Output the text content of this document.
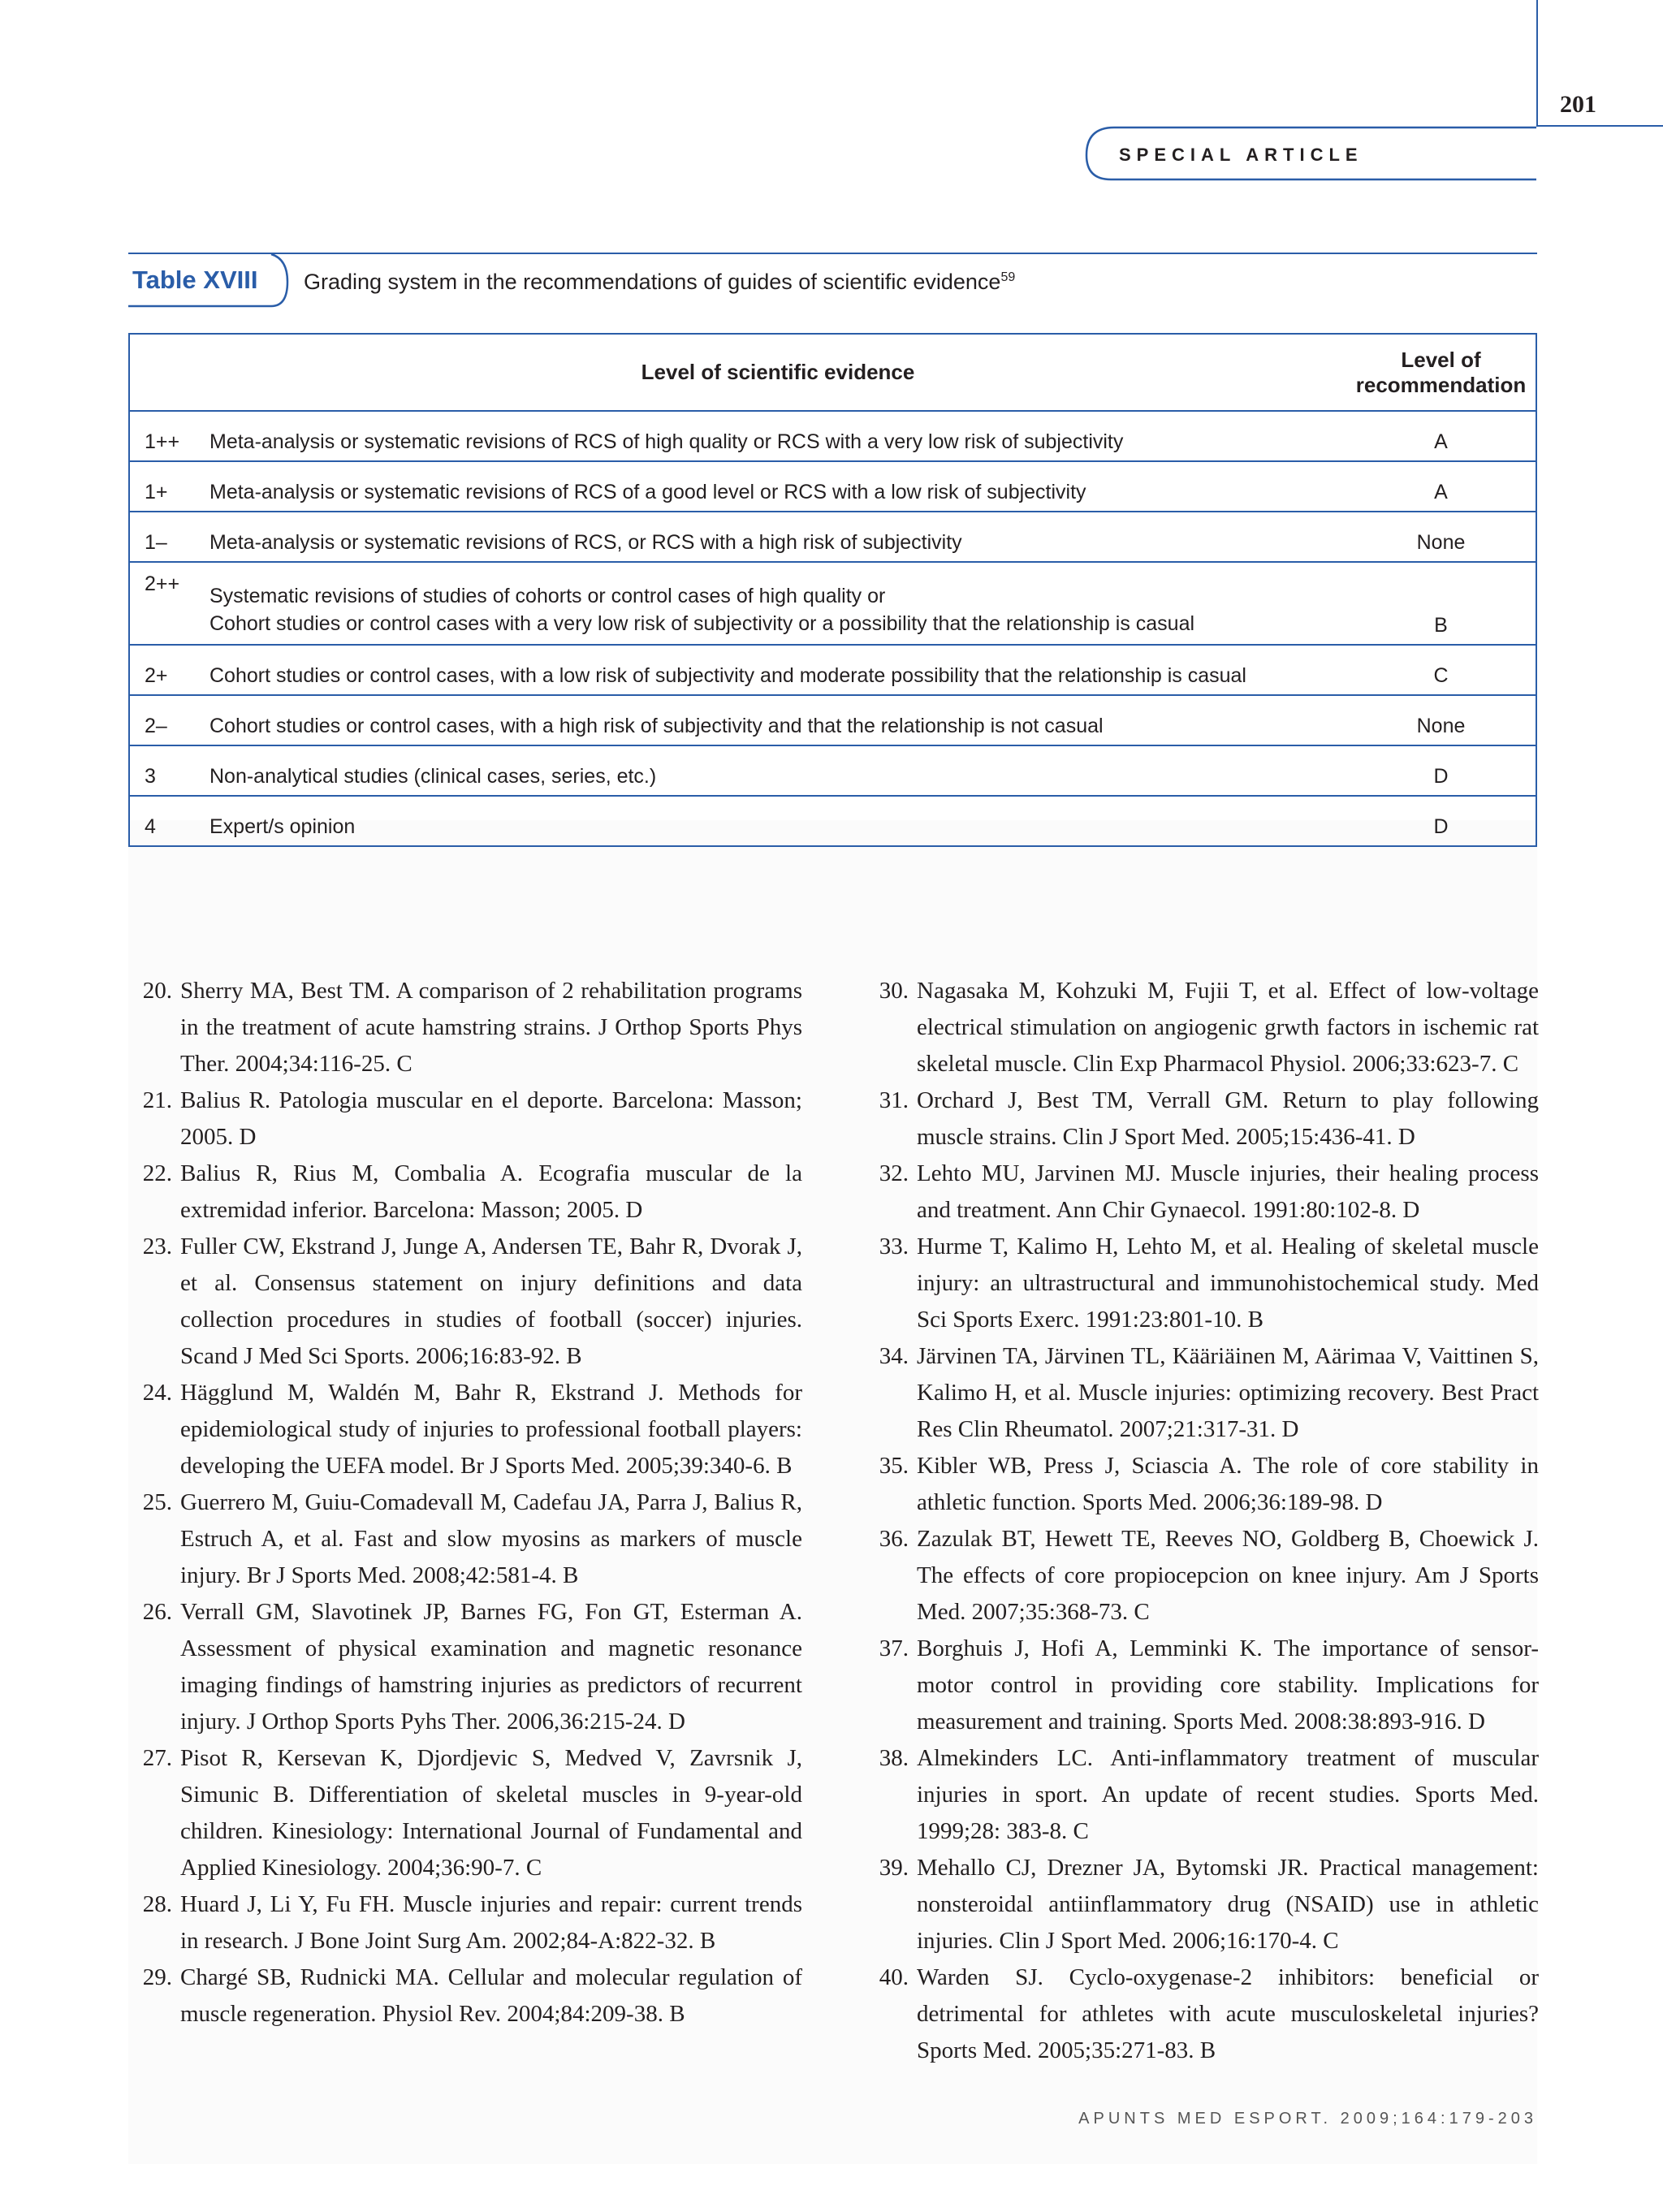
201
SPECIAL ARTICLE
Table XVIII Grading system in the recommendations of guides of scientific evidence$^{59}$
	Level of scientific evidence	Level of
recommendation
1++	Meta-analysis or systematic revisions of RCS of high quality or RCS with a very low risk of subjectivity	A
1+	Meta-analysis or systematic revisions of RCS of a good level or RCS with a low risk of subjectivity	A
1–	Meta-analysis or systematic revisions of RCS, or RCS with a high risk of subjectivity	None
2++	Systematic revisions of studies of cohorts or control cases of high quality or
Cohort studies or control cases with a very low risk of subjectivity or a possibility that the relationship is casual	B
2+	Cohort studies or control cases, with a low risk of subjectivity and moderate possibility that the relationship is casual	C
2–	Cohort studies or control cases, with a high risk of subjectivity and that the relationship is not casual	None
3	Non-analytical studies (clinical cases, series, etc.)	D
4	Expert/s opinion	D

20. Sherry MA, Best TM. A comparison of 2 rehabilitation programs in the treatment of acute hamstring strains. J Orthop Sports Phys Ther. 2004;34:116-25. C

21. Balius R. Patologia muscular en el deporte. Barcelona: Masson; 2005. D

22. Balius R, Rius M, Combalia A. Ecografia muscular de la extremidad inferior. Barcelona: Masson; 2005. D

23. Fuller CW, Ekstrand J, Junge A, Andersen TE, Bahr R, Dvorak J, et al. Consensus statement on injury definitions and data collection procedures in studies of football (soccer) injuries. Scand J Med Sci Sports. 2006;16:83-92. B

24. Hägglund M, Waldén M, Bahr R, Ekstrand J. Methods for epidemiological study of injuries to professional football players: developing the UEFA model. Br J Sports Med. 2005;39:340-6. B

25. Guerrero M, Guiu-Comadevall M, Cadefau JA, Parra J, Balius R, Estruch A, et al. Fast and slow myosins as markers of muscle injury. Br J Sports Med. 2008;42:581-4. B

26. Verrall GM, Slavotinek JP, Barnes FG, Fon GT, Esterman A. Assessment of physical examination and magnetic resonance imaging findings of hamstring injuries as predictors of recurrent injury. J Orthop Sports Pyhs Ther. 2006,36:215-24. D

27. Pisot R, Kersevan K, Djordjevic S, Medved V, Zavrsnik J, Simunic B. Differentiation of skeletal muscles in 9-year-old children. Kinesiology: International Journal of Fundamental and Applied Kinesiology. 2004;36:90-7. C

28. Huard J, Li Y, Fu FH. Muscle injuries and repair: current trends in research. J Bone Joint Surg Am. 2002;84-A:822-32. B

29. Chargé SB, Rudnicki MA. Cellular and molecular regulation of muscle regeneration. Physiol Rev. 2004;84:209-38. B

30. Nagasaka M, Kohzuki M, Fujii T, et al. Effect of low-voltage electrical stimulation on angiogenic grwth factors in ischemic rat skeletal muscle. Clin Exp Pharmacol Physiol. 2006;33:623-7. C

31. Orchard J, Best TM, Verrall GM. Return to play following muscle strains. Clin J Sport Med. 2005;15:436-41. D

32. Lehto MU, Jarvinen MJ. Muscle injuries, their healing process and treatment. Ann Chir Gynaecol. 1991:80:102-8. D

33. Hurme T, Kalimo H, Lehto M, et al. Healing of skeletal muscle injury: an ultrastructural and immunohistochemical study. Med Sci Sports Exerc. 1991:23:801-10. B

34. Järvinen TA, Järvinen TL, Kääriäinen M, Aärimaa V, Vaittinen S, Kalimo H, et al. Muscle injuries: optimizing recovery. Best Pract Res Clin Rheumatol. 2007;21:317-31. D

35. Kibler WB, Press J, Sciascia A. The role of core stability in athletic function. Sports Med. 2006;36:189-98. D

36. Zazulak BT, Hewett TE, Reeves NO, Goldberg B, Choewick J. The effects of core propiocepcion on knee injury. Am J Sports Med. 2007;35:368-73. C

37. Borghuis J, Hofi A, Lemminki K. The importance of sensor-motor control in providing core stability. Implications for measurement and training. Sports Med. 2008:38:893-916. D

38. Almekinders LC. Anti-inflammatory treatment of muscular injuries in sport. An update of recent studies. Sports Med. 1999;28: 383-8. C

39. Mehallo CJ, Drezner JA, Bytomski JR. Practical management: nonsteroidal antiinflammatory drug (NSAID) use in athletic injuries. Clin J Sport Med. 2006;16:170-4. C

40. Warden SJ. Cyclo-oxygenase-2 inhibitors: beneficial or detrimental for athletes with acute musculoskeletal injuries? Sports Med. 2005;35:271-83. B

APUNTS MED ESPORT. 2009;164:179-203
